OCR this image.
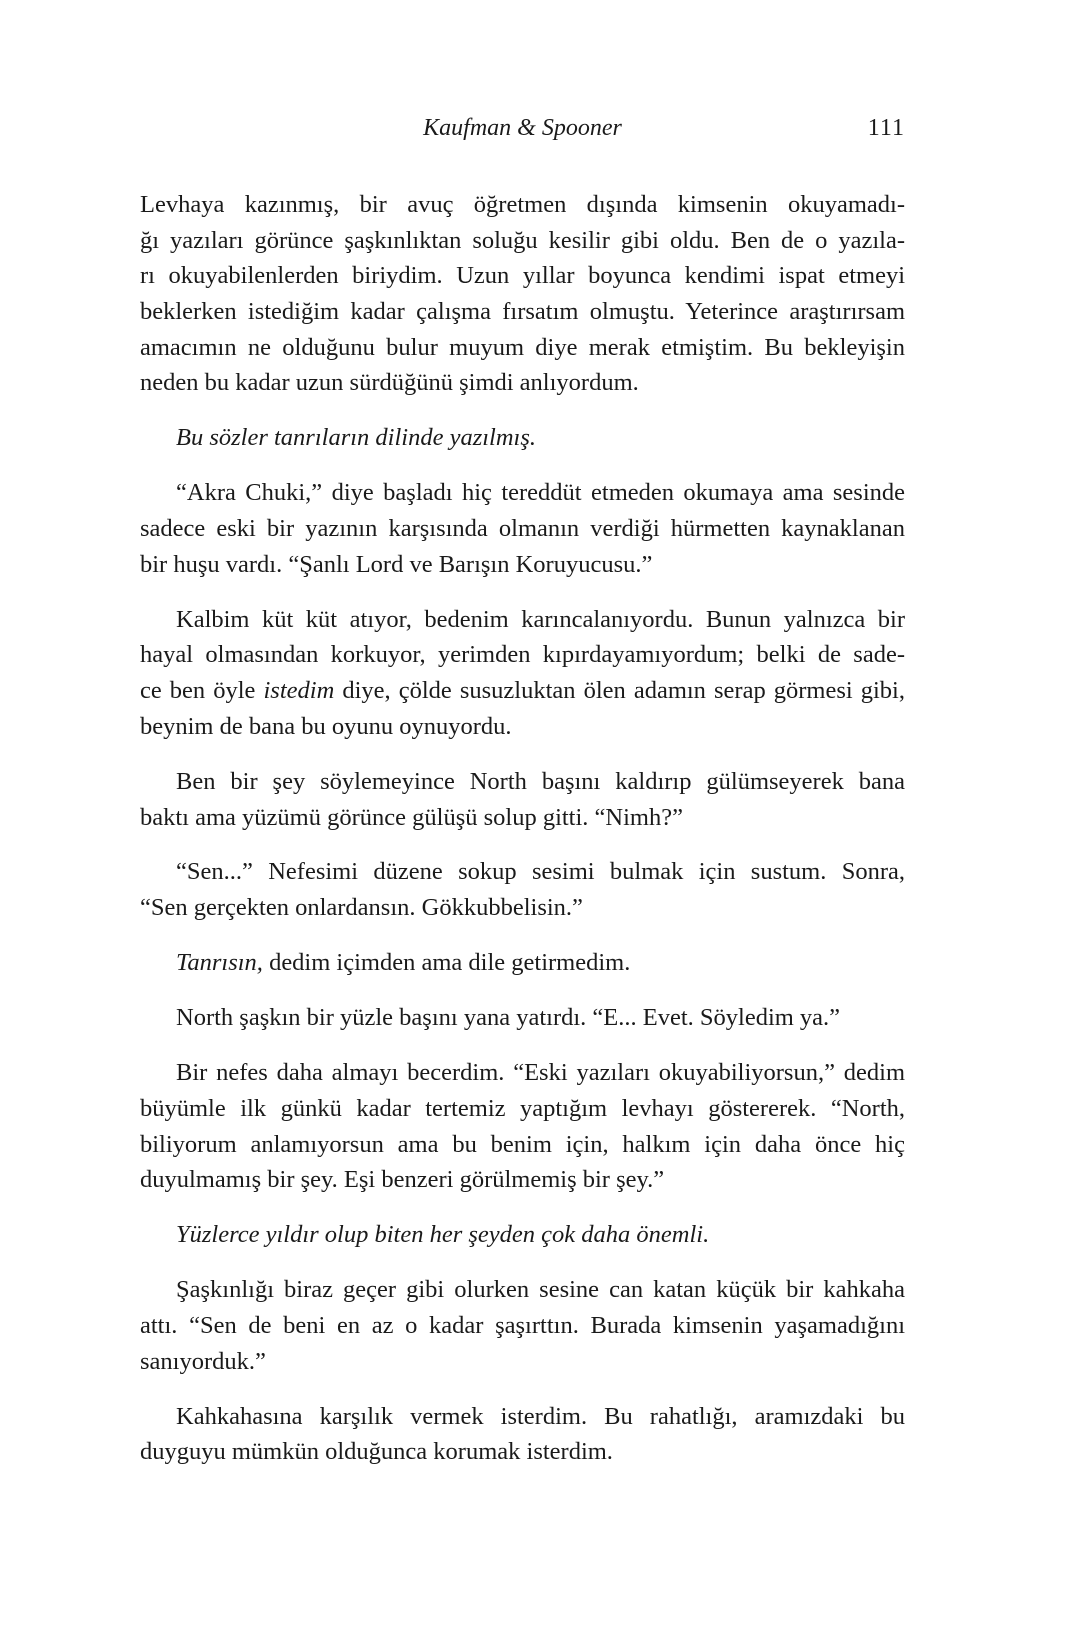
Kaufman & Spooner	111

Levhaya kazınmış, bir avuç öğretmen dışında kimsenin okuyamadı-
ğı yazıları görünce şaşkınlıktan soluğu kesilir gibi oldu. Ben de o yazıla-
rı okuyabilenlerden biriydim. Uzun yıllar boyunca kendimi ispat etmeyi
beklerken istediğim kadar çalışma fırsatım olmuştu. Yeterince araştırırsam
amacımın ne olduğunu bulur muyum diye merak etmiştim. Bu bekleyişin
neden bu kadar uzun sürdüğünü şimdi anlıyordum.

Bu sözler tanrıların dilinde yazılmış.

“Akra Chuki,” diye başladı hiç tereddüt etmeden okumaya ama sesinde
sadece eski bir yazının karşısında olmanın verdiği hürmetten kaynaklanan
bir huşu vardı. “Şanlı Lord ve Barışın Koruyucusu.”

Kalbim küt küt atıyor, bedenim karıncalanıyordu. Bunun yalnızca bir
hayal olmasından korkuyor, yerimden kıpırdayamıyordum; belki de sade-
ce ben öyle istedim diye, çölde susuzluktan ölen adamın serap görmesi gibi,
beynim de bana bu oyunu oynuyordu.

Ben bir şey söylemeyince North başını kaldırıp gülümseyerek bana
baktı ama yüzümü görünce gülüşü solup gitti. “Nimh?”

“Sen...” Nefesimi düzene sokup sesimi bulmak için sustum. Sonra,
“Sen gerçekten onlardansın. Gökkubbelisin.”

Tanrısın, dedim içimden ama dile getirmedim.

North şaşkın bir yüzle başını yana yatırdı. “E... Evet. Söyledim ya.”

Bir nefes daha almayı becerdim. “Eski yazıları okuyabiliyorsun,” dedim
büyümle ilk günkü kadar tertemiz yaptığım levhayı göstererek. “North,
biliyorum anlamıyorsun ama bu benim için, halkım için daha önce hiç
duyulmamış bir şey. Eşi benzeri görülmemiş bir şey.”

Yüzlerce yıldır olup biten her şeyden çok daha önemli.

Şaşkınlığı biraz geçer gibi olurken sesine can katan küçük bir kahkaha
attı. “Sen de beni en az o kadar şaşırttın. Burada kimsenin yaşamadığını
sanıyorduk.”

Kahkahasına karşılık vermek isterdim. Bu rahatlığı, aramızdaki bu
duyguyu mümkün olduğunca korumak isterdim.
